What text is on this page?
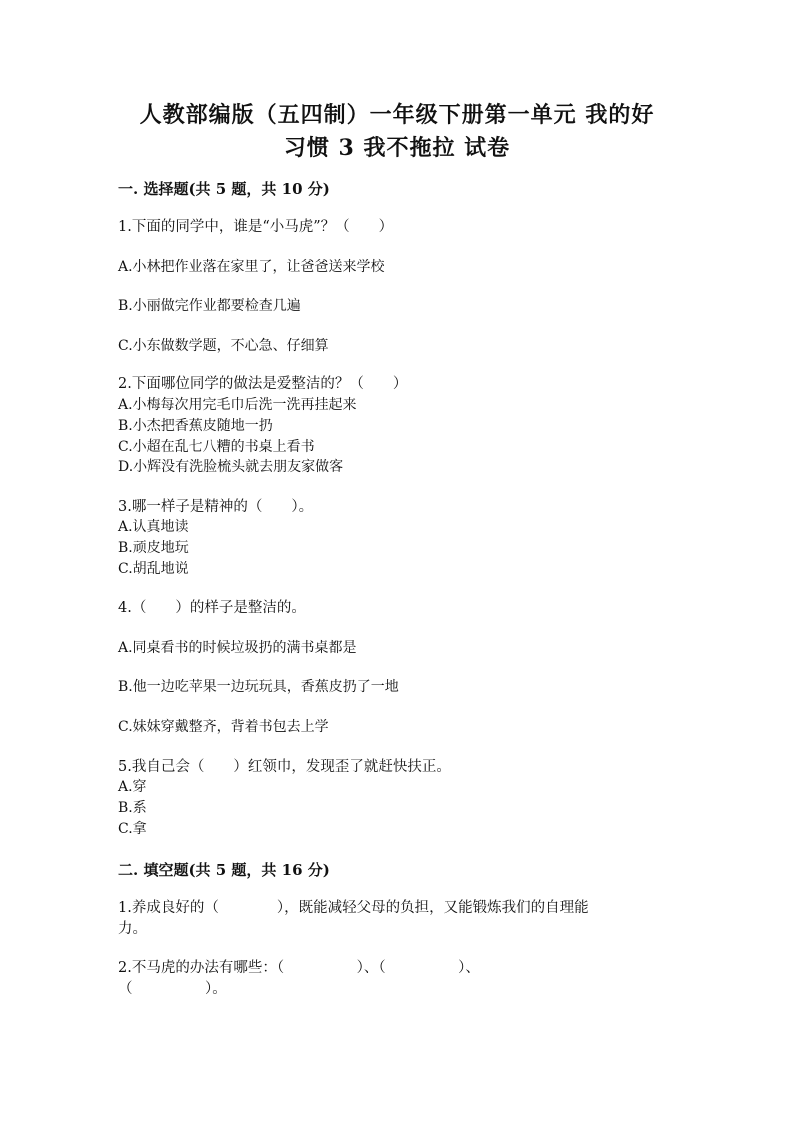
人教部编版（五四制）一年级下册第一单元 我的好
习惯 3 我不拖拉 试卷
一. 选择题(共 5 题，共 10 分)
1.下面的同学中，谁是“小马虎”？（　　）
A.小林把作业落在家里了，让爸爸送来学校
B.小丽做完作业都要检查几遍
C.小东做数学题，不心急、仔细算
2.下面哪位同学的做法是爱整洁的？（　　）
A.小梅每次用完毛巾后洗一洗再挂起来
B.小杰把香蕉皮随地一扔
C.小超在乱七八糟的书桌上看书
D.小辉没有洗脸梳头就去朋友家做客
3.哪一样子是精神的（　　）。
A.认真地读
B.顽皮地玩
C.胡乱地说
4.（　　）的样子是整洁的。
A.同桌看书的时候垃圾扔的满书桌都是
B.他一边吃苹果一边玩玩具，香蕉皮扔了一地
C.妹妹穿戴整齐，背着书包去上学
5.我自己会（　　）红领巾，发现歪了就赶快扶正。
A.穿
B.系
C.拿
二. 填空题(共 5 题，共 16 分)
1.养成良好的（　　　　），既能减轻父母的负担，又能锻炼我们的自理能
力。
2.不马虎的办法有哪些：（　　　　　）、（　　　　　）、
（　　　　　）。
